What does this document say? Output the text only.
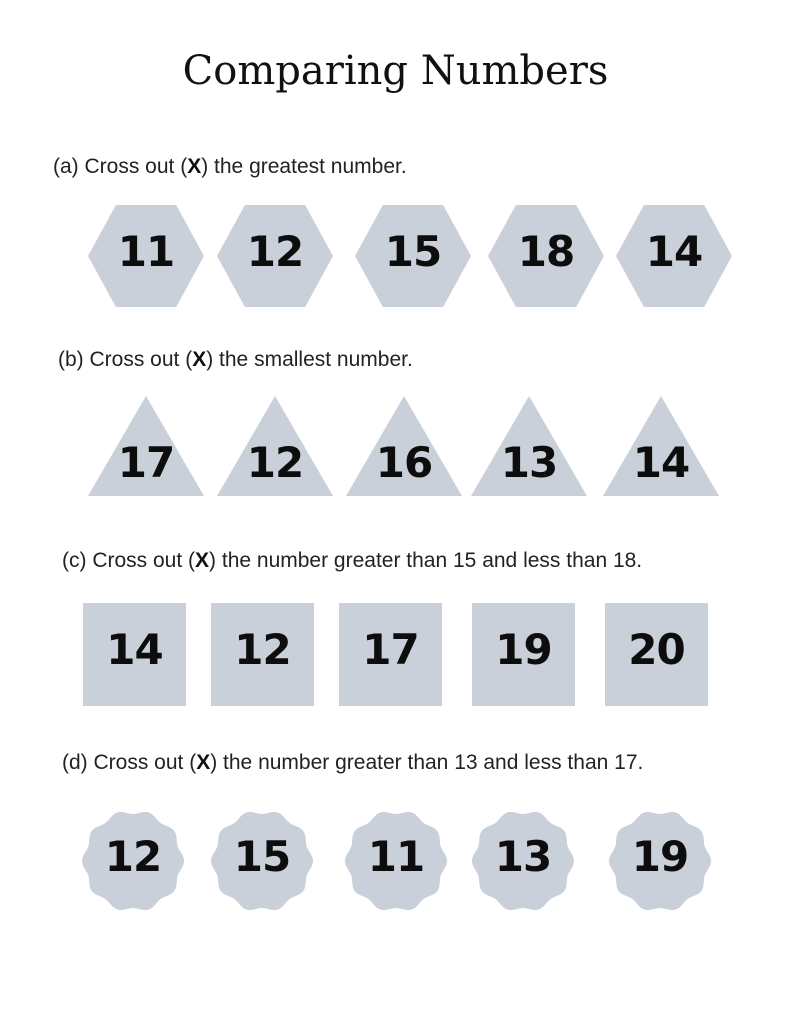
Comparing Numbers
(a) Cross out (X) the greatest number.
11	12	15	18	14
(b) Cross out (X) the smallest number.
17	12	16	13	14
(c) Cross out (X) the number greater than 15 and less than 18.
14	12	17	19	20
(d) Cross out (X) the number greater than 13 and less than 17.
12	15	11	13	19
